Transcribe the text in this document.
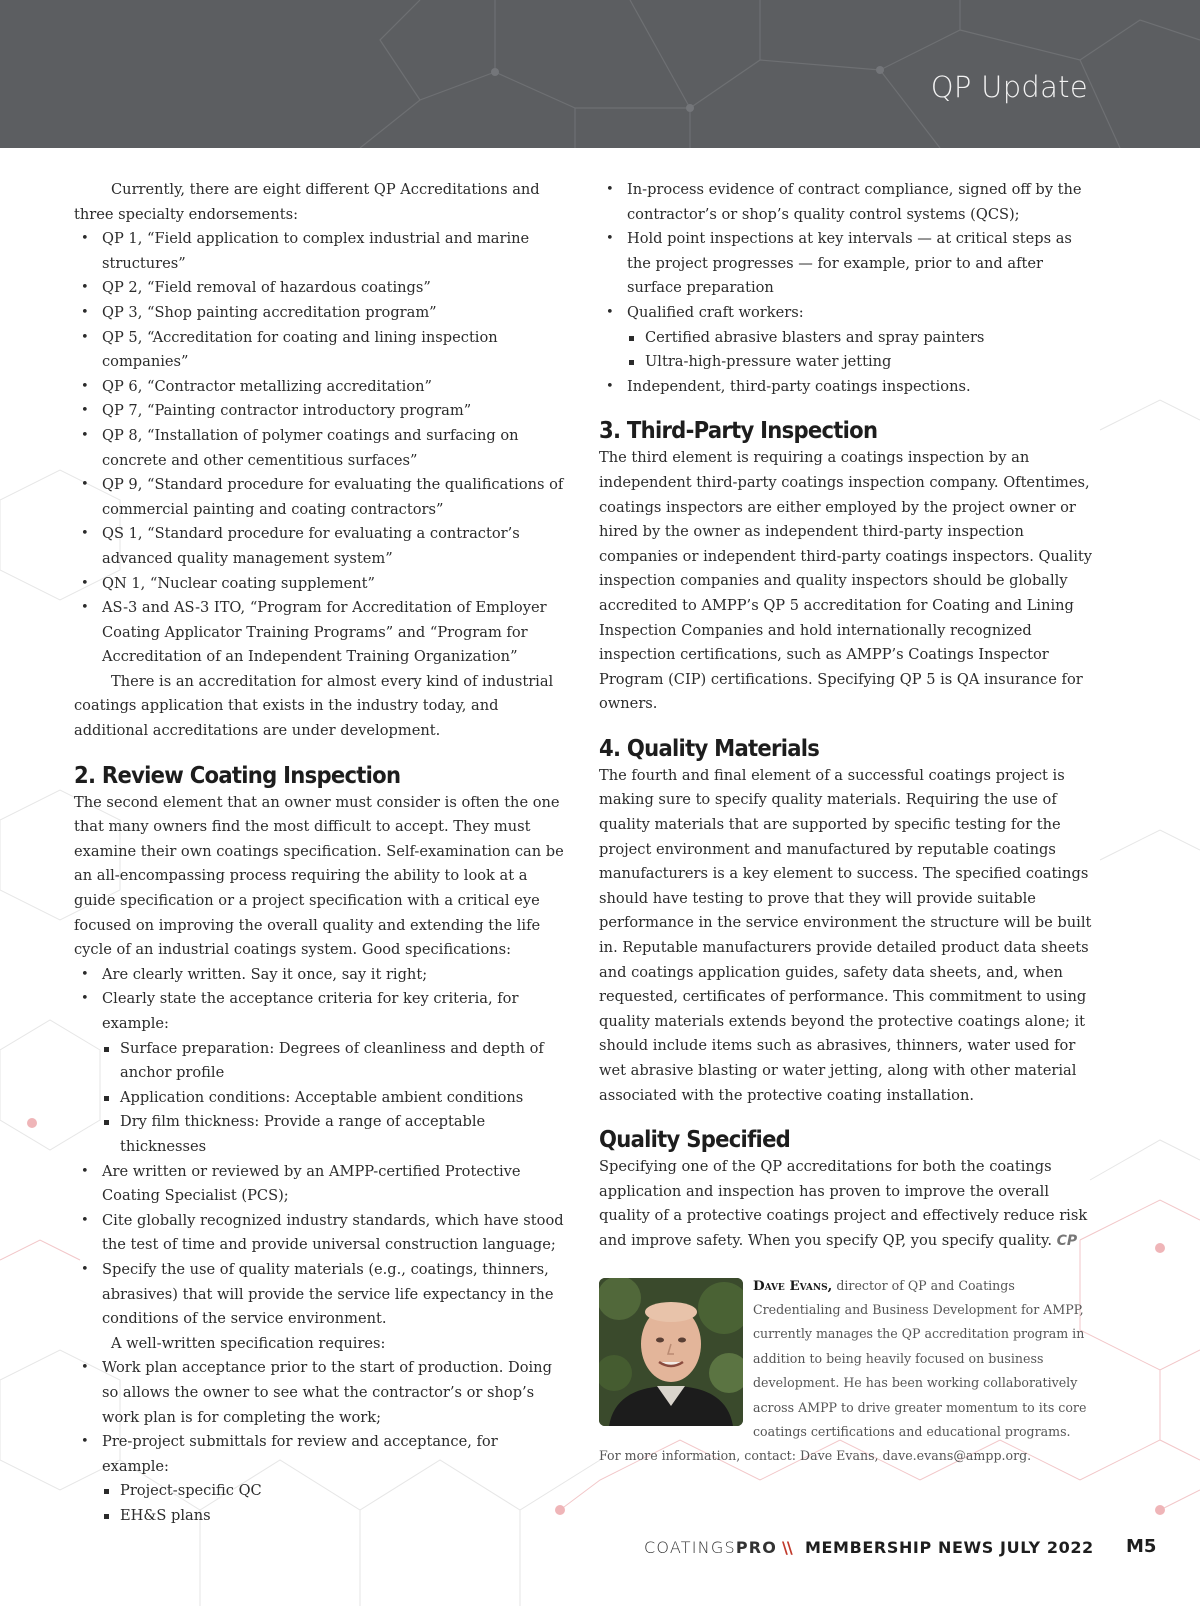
QP Update

Currently, there are eight different QP Accreditations and three specialty endorsements:

• QP 1, “Field application to complex industrial and marine structures”
• QP 2, “Field removal of hazardous coatings”
• QP 3, “Shop painting accreditation program”
• QP 5, “Accreditation for coating and lining inspection companies”
• QP 6, “Contractor metallizing accreditation”
• QP 7, “Painting contractor introductory program”
• QP 8, “Installation of polymer coatings and surfacing on concrete and other cementitious surfaces”
• QP 9, “Standard procedure for evaluating the qualifications of commercial painting and coating contractors”
• QS 1, “Standard procedure for evaluating a contractor’s advanced quality management system”
• QN 1, “Nuclear coating supplement”
• AS-3 and AS-3 ITO, “Program for Accreditation of Employer Coating Applicator Training Programs” and “Program for Accreditation of an Independent Training Organization”

There is an accreditation for almost every kind of industrial coatings application that exists in the industry today, and additional accreditations are under development.

2. Review Coating Inspection

The second element that an owner must consider is often the one that many owners find the most difficult to accept. They must examine their own coatings specification. Self-examination can be an all-encompassing process requiring the ability to look at a guide specification or a project specification with a critical eye focused on improving the overall quality and extending the life cycle of an industrial coatings system. Good specifications:

• Are clearly written. Say it once, say it right;
• Clearly state the acceptance criteria for key criteria, for example:
Surface preparation: Degrees of cleanliness and depth of anchor profile
Application conditions: Acceptable ambient conditions
Dry film thickness: Provide a range of acceptable thicknesses
• Are written or reviewed by an AMPP-certified Protective Coating Specialist (PCS);
• Cite globally recognized industry standards, which have stood the test of time and provide universal construction language;
• Specify the use of quality materials (e.g., coatings, thinners, abrasives) that will provide the service life expectancy in the conditions of the service environment.

A well-written specification requires:

• Work plan acceptance prior to the start of production. Doing so allows the owner to see what the contractor’s or shop’s work plan is for completing the work;
• Pre-project submittals for review and acceptance, for example:
Project-specific QC
EH&S plans
• In-process evidence of contract compliance, signed off by the contractor’s or shop’s quality control systems (QCS);
• Hold point inspections at key intervals — at critical steps as the project progresses — for example, prior to and after surface preparation
• Qualified craft workers:
Certified abrasive blasters and spray painters
Ultra-high-pressure water jetting
• Independent, third-party coatings inspections.
3. Third-Party Inspection

The third element is requiring a coatings inspection by an independent third-party coatings inspection company. Oftentimes, coatings inspectors are either employed by the project owner or hired by the owner as independent third-party inspection companies or independent third-party coatings inspectors. Quality inspection companies and quality inspectors should be globally accredited to AMPP’s QP 5 accreditation for Coating and Lining Inspection Companies and hold internationally recognized inspection certifications, such as AMPP’s Coatings Inspector Program (CIP) certifications. Specifying QP 5 is QA insurance for owners.

4. Quality Materials

The fourth and final element of a successful coatings project is making sure to specify quality materials. Requiring the use of quality materials that are supported by specific testing for the project environment and manufactured by reputable coatings manufacturers is a key element to success. The specified coatings should have testing to prove that they will provide suitable performance in the service environment the structure will be built in. Reputable manufacturers provide detailed product data sheets and coatings application guides, safety data sheets, and, when requested, certificates of performance. This commitment to using quality materials extends beyond the protective coatings alone; it should include items such as abrasives, thinners, water used for wet abrasive blasting or water jetting, along with other material associated with the protective coating installation.

Quality Specified

Specifying one of the QP accreditations for both the coatings application and inspection has proven to improve the overall quality of a protective coatings project and effectively reduce risk and improve safety. When you specify QP, you specify quality. CP

Dave Evans, director of QP and Coatings Credentialing and Business Development for AMPP, currently manages the QP accreditation program in addition to being heavily focused on business development. He has been working collaboratively across AMPP to drive greater momentum to its core coatings certifications and educational programs. For more information, contact: Dave Evans, dave.evans@ampp.org.

COATINGSPRO \\ MEMBERSHIP NEWS JULY 2022 M5
